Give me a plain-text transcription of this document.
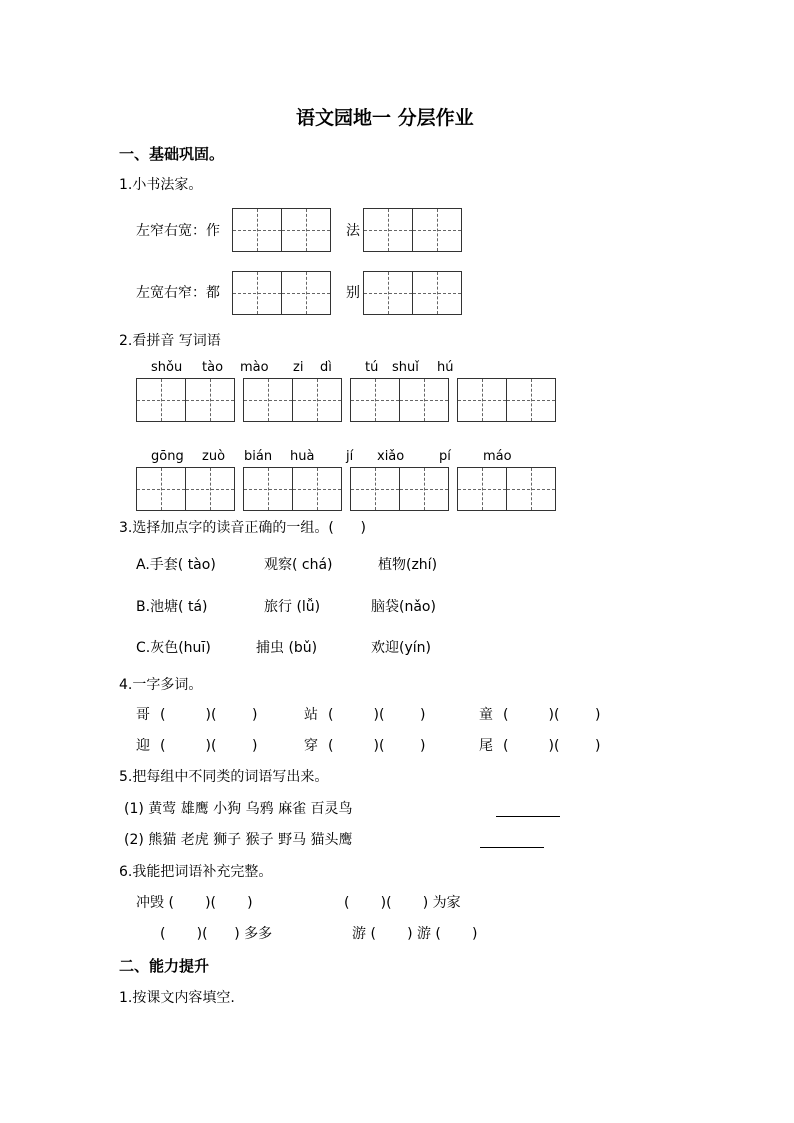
语文园地一 分层作业
一、基础巩固。
1.小书法家。
左窄右宽：作	法
左宽右窄：都	别
2.看拼音 写词语
shǒu tào mào zi dì	tú shuǐ hú
gōng zuò bián huà jí xiǎo	pí máo
3.选择加点字的读音正确的一组。(      )
A.手套( tào)	观察( chá)	植物(zhí)
B.池塘( tá)	旅行 (lǚ)	脑袋(nǎo)
C.灰色(huī)	捕虫 (bǔ)	欢迎(yín)
4.一字多词。
哥 (         )(        )	站 (         )(        )	童 (         )(        )
迎 (         )(        )	穿 (         )(        )	尾 (         )(        )
5.把每组中不同类的词语写出来。
(1) 黄莺 雄鹰 小狗 乌鸦 麻雀 百灵鸟
(2) 熊猫 老虎 狮子 猴子 野马 猫头鹰
6.我能把词语补充完整。
冲毁 (       )(       )	(       )(       ) 为家
(       )(      ) 多多	游 (       ) 游 (       )
二、能力提升
1.按课文内容填空.
